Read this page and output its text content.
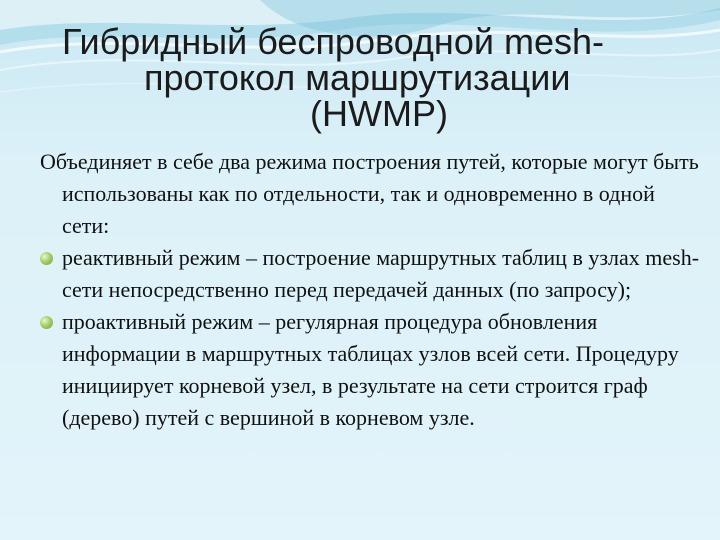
Гибридный беспроводной mesh-
протокол маршрутизации
(HWMP)

Объединяет в себе два режима построения путей, которые могут быть использованы как по отдельности, так и одновременно в одной сети:

реактивный режим – построение маршрутных таблиц в узлах mesh-сети непосредственно перед передачей данных (по запросу);
проактивный режим – регулярная процедура обновления информации в маршрутных таблицах узлов всей сети. Процедуру инициирует корневой узел, в результате на сети строится граф (дерево) путей с вершиной в корневом узле.
